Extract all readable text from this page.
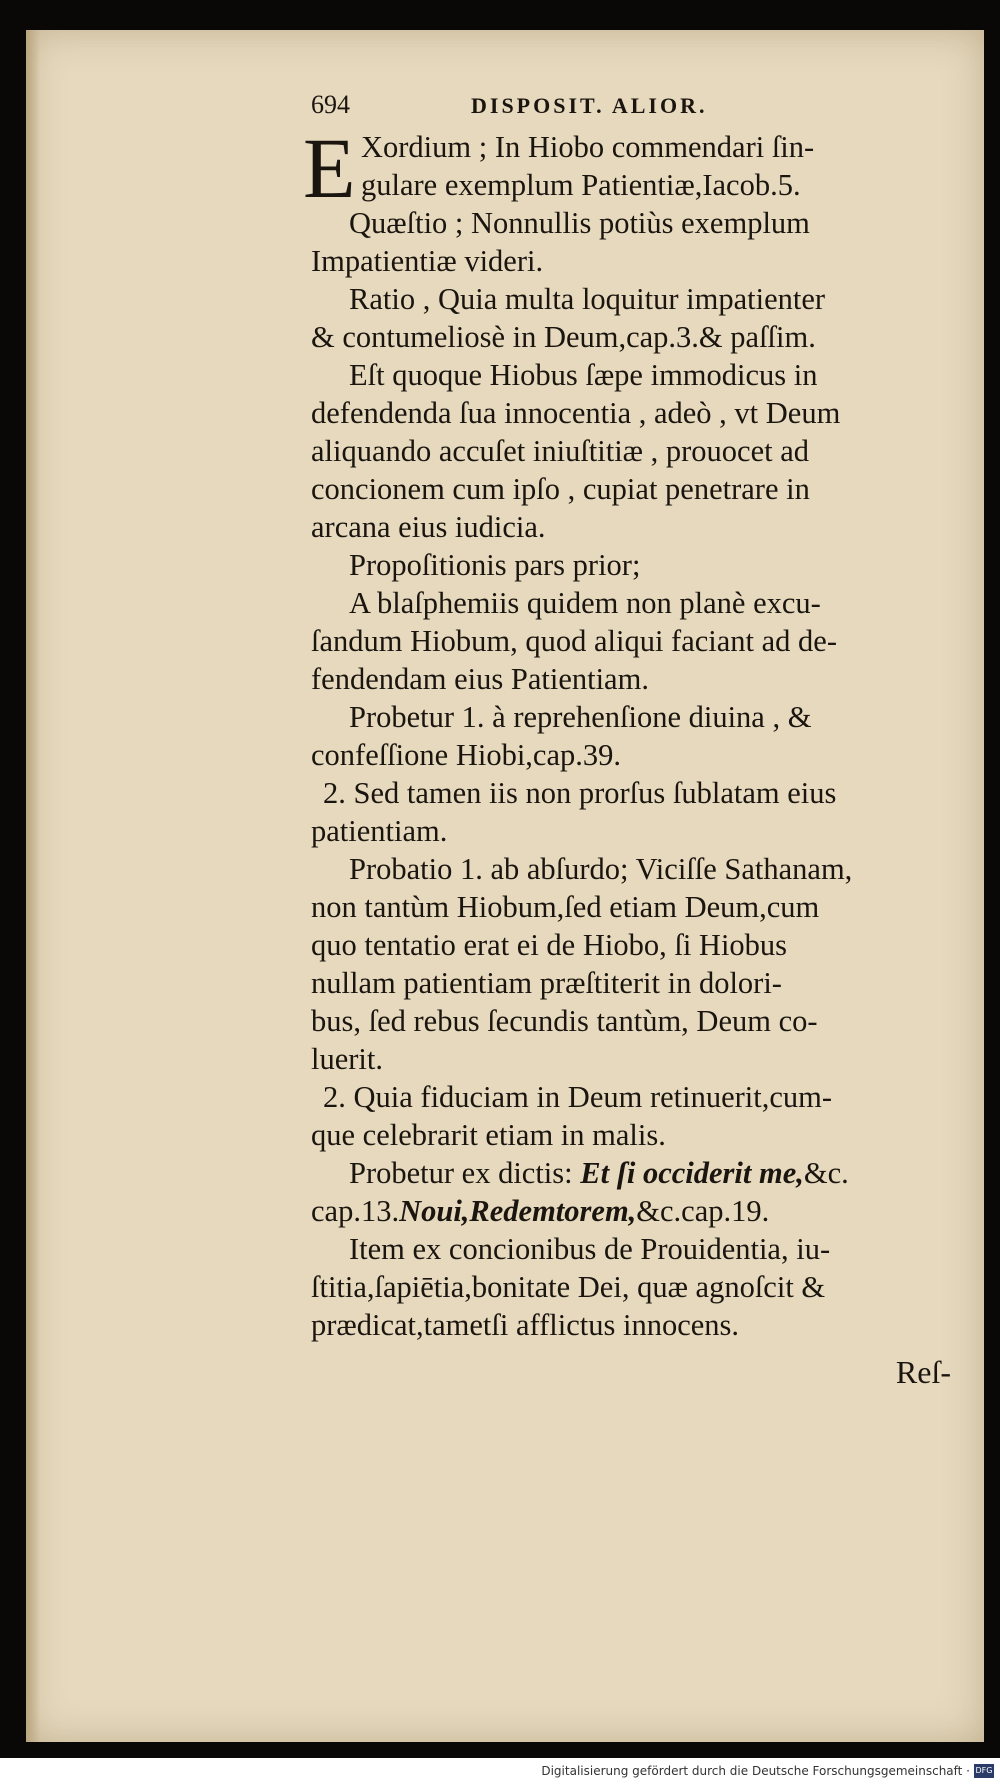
694	DISPOSIT. ALIOR.
E Xordium ; In Hiobo commendari ſin-
gulare exemplum Patientiæ,Iacob.5.
Quæſtio ; Nonnullis potiùs exemplum
Impatientiæ videri.
Ratio , Quia multa loquitur impatienter
& contumeliosè in Deum,cap.3.& paſſim.
Eſt quoque Hiobus ſæpe immodicus in
defendenda ſua innocentia , adeò , vt Deum
aliquando accuſet iniuſtitiæ , prouocet ad
concionem cum ipſo , cupiat penetrare in
arcana eius iudicia.
Propoſitionis pars prior;
A blaſphemiis quidem non planè excu-
ſandum Hiobum, quod aliqui faciant ad de-
fendendam eius Patientiam.
Probetur 1. à reprehenſione diuina , &
confeſſione Hiobi,cap.39.
2. Sed tamen iis non prorſus ſublatam eius
patientiam.
Probatio 1. ab abſurdo; Viciſſe Sathanam,
non tantùm Hiobum,ſed etiam Deum,cum
quo tentatio erat ei de Hiobo, ſi Hiobus
nullam patientiam præſtiterit in dolori-
bus, ſed rebus ſecundis tantùm, Deum co-
luerit.
2. Quia fiduciam in Deum retinuerit,cum-
que celebrarit etiam in malis.
Probetur ex dictis: Et ſi occiderit me,&c.
cap.13.Noui,Redemtorem,&c.cap.19.
Item ex concionibus de Prouidentia, iu-
ſtitia,ſapiētia,bonitate Dei, quæ agnoſcit &
prædicat,tametſi afflictus innocens.
Reſ-
Digitalisierung gefördert durch die Deutsche Forschungsgemeinschaft · DFG
